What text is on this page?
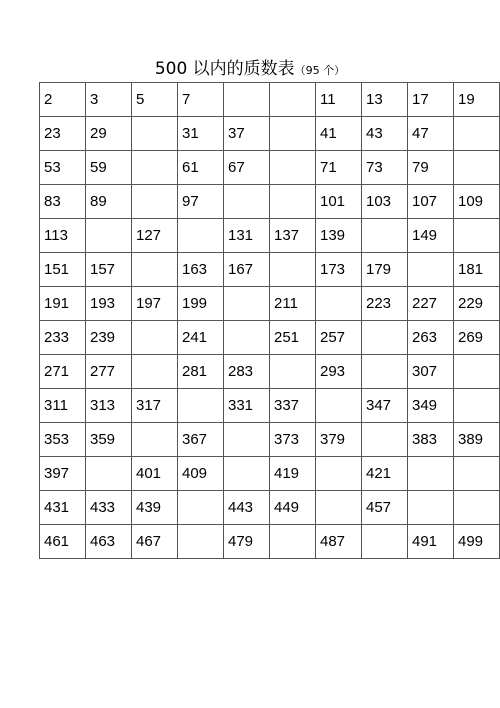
500 以内的质数表（95 个）
2	3	5	7			11	13	17	19
23	29		31	37		41	43	47	
53	59		61	67		71	73	79	
83	89		97			101	103	107	109
113		127		131	137	139		149	
151	157		163	167		173	179		181
191	193	197	199		211		223	227	229
233	239		241		251	257		263	269
271	277		281	283		293		307	
311	313	317		331	337		347	349	
353	359		367		373	379		383	389
397		401	409		419		421		
431	433	439		443	449		457		
461	463	467		479		487		491	499
